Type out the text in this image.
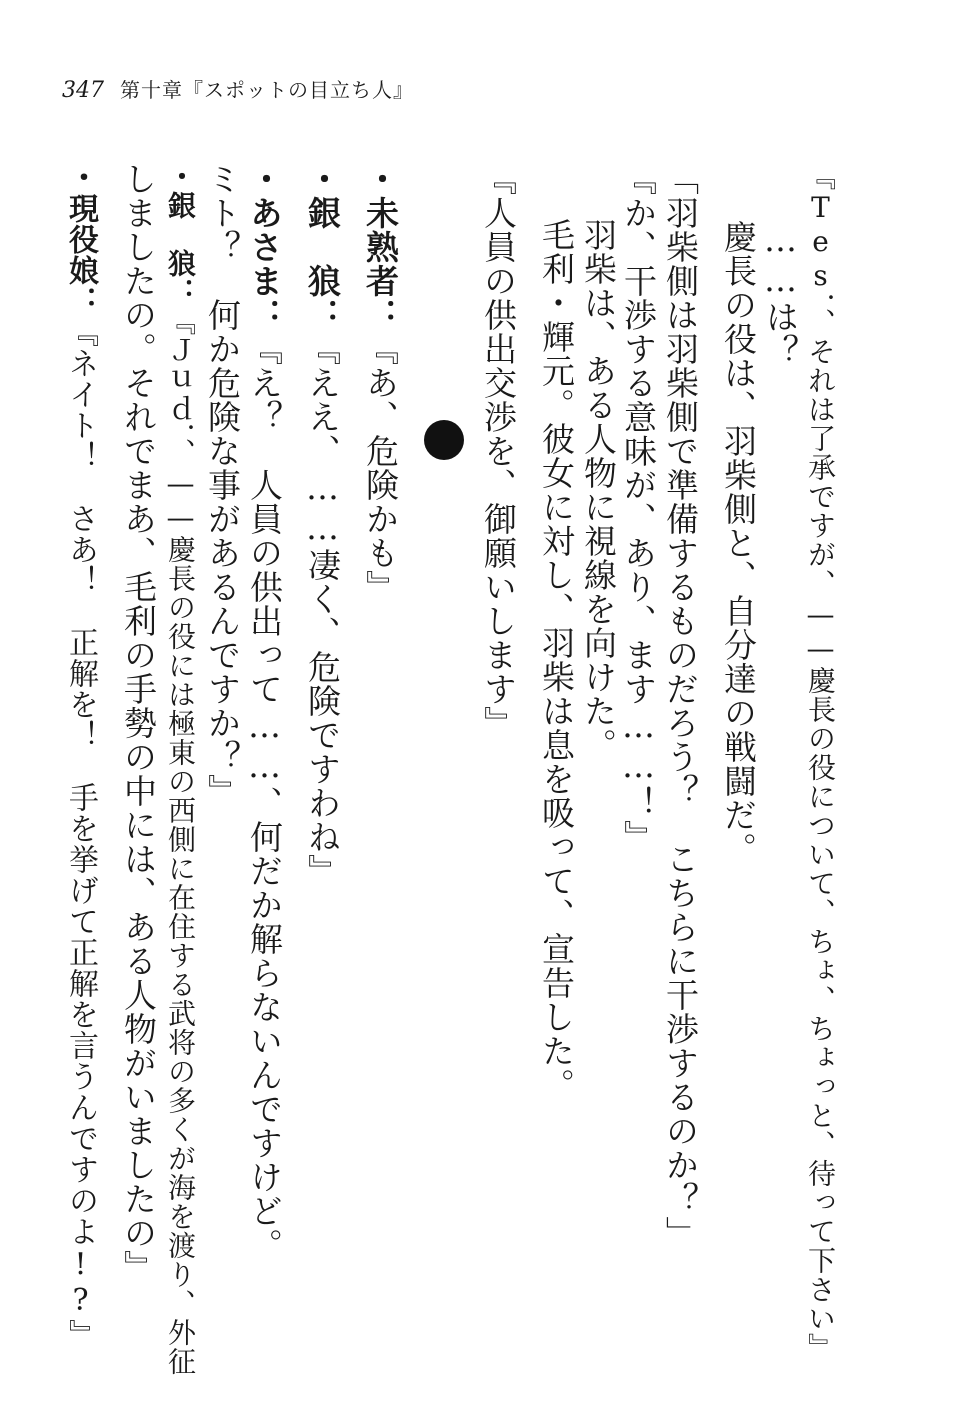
347 第十章『スポットの目立ち人』
『Tes．、それは了承ですが、——慶長の役について、ちょ、ちょっと、待って下さい』
……は？
慶長の役は、羽柴側と、自分達の戦闘だ。
「羽柴側は羽柴側で準備するものだろう？　こちらに干渉するのか？」
『か、干渉する意味が、あり、ます……！』
羽柴は、ある人物に視線を向けた。
毛利・輝元。彼女に対し、羽柴は息を吸って、宣告した。
『人員の供出交渉を、御願いします』
・未熟者：『あ、危険かも』
・銀　狼：『ええ、……凄く、危険ですわね』
・あさま：『え？　人員の供出って……、何だか解らないんですけど。
ミト？　何か危険な事があるんですか？』
・銀　狼：『Ｊｕｄ．、——慶長の役には極東の西側に在住する武将の多くが海を渡り、外征
しましたの。それでまあ、毛利の手勢の中には、ある人物がいましたの』
・現役娘：『ネイト！　さあ！　正解を！　手を挙げて正解を言うんですのよ!?』
